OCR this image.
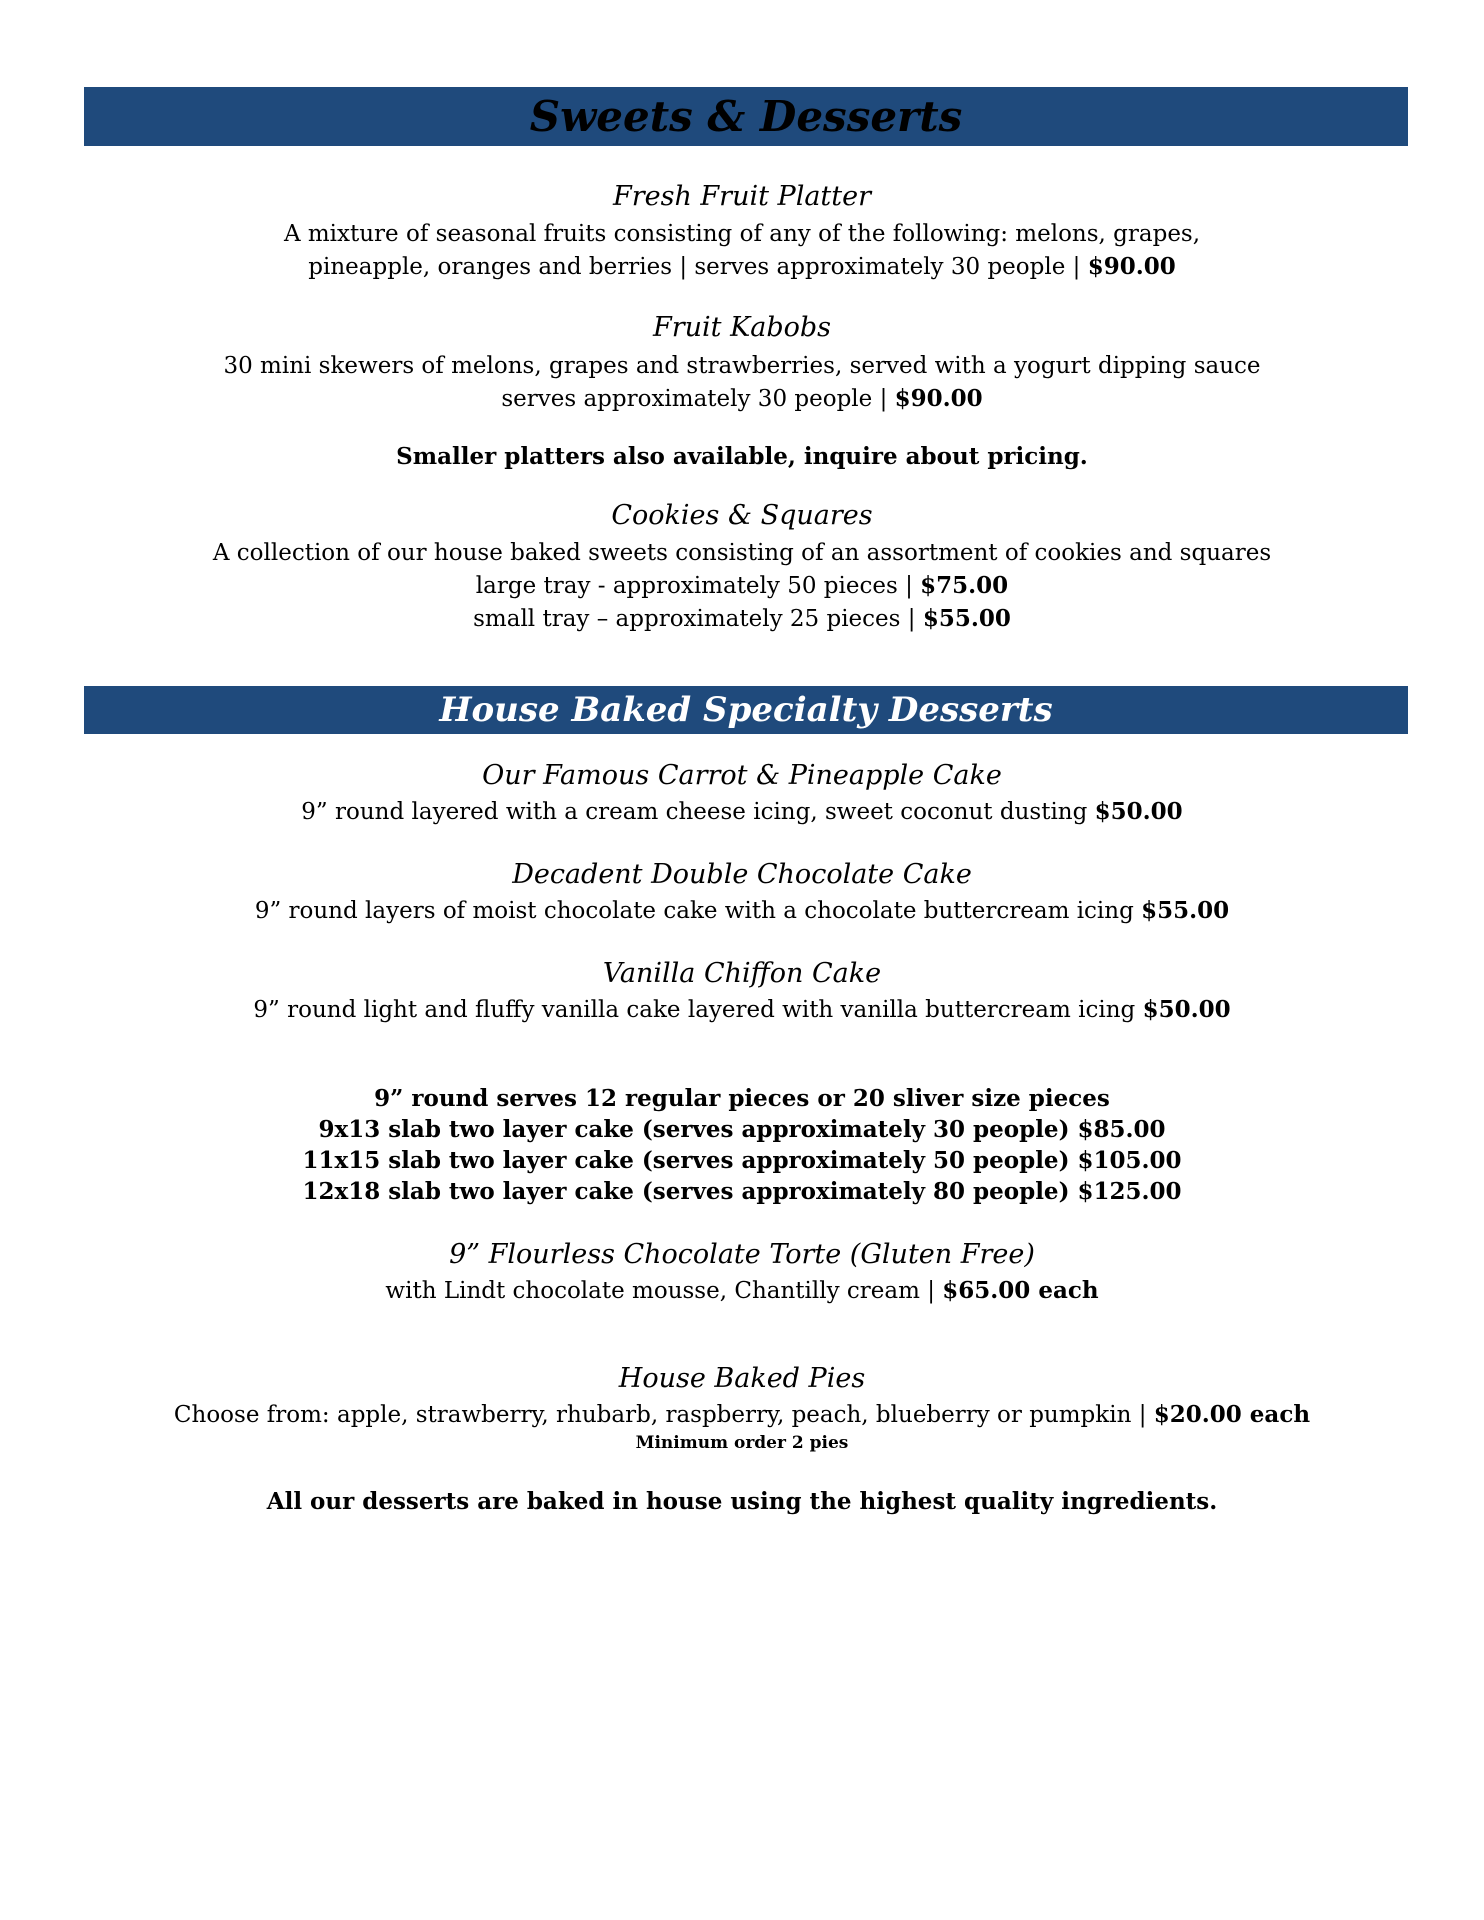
Sweets & Desserts
Fresh Fruit Platter
A mixture of seasonal fruits consisting of any of the following: melons, grapes,
pineapple, oranges and berries | serves approximately 30 people | $90.00
Fruit Kabobs
30 mini skewers of melons, grapes and strawberries, served with a yogurt dipping sauce
serves approximately 30 people | $90.00
Smaller platters also available, inquire about pricing.
Cookies & Squares
A collection of our house baked sweets consisting of an assortment of cookies and squares
large tray - approximately 50 pieces | $75.00
small tray – approximately 25 pieces | $55.00
House Baked Specialty Desserts
Our Famous Carrot & Pineapple Cake
9” round layered with a cream cheese icing, sweet coconut dusting $50.00
Decadent Double Chocolate Cake
9” round layers of moist chocolate cake with a chocolate buttercream icing $55.00
Vanilla Chiffon Cake
9” round light and fluffy vanilla cake layered with vanilla buttercream icing $50.00
9” round serves 12 regular pieces or 20 sliver size pieces
9x13 slab two layer cake (serves approximately 30 people) $85.00
11x15 slab two layer cake (serves approximately 50 people) $105.00
12x18 slab two layer cake (serves approximately 80 people) $125.00
9” Flourless Chocolate Torte (Gluten Free)
with Lindt chocolate mousse, Chantilly cream | $65.00 each
House Baked Pies
Choose from: apple, strawberry, rhubarb, raspberry, peach, blueberry or pumpkin | $20.00 each
Minimum order 2 pies
All our desserts are baked in house using the highest quality ingredients.
